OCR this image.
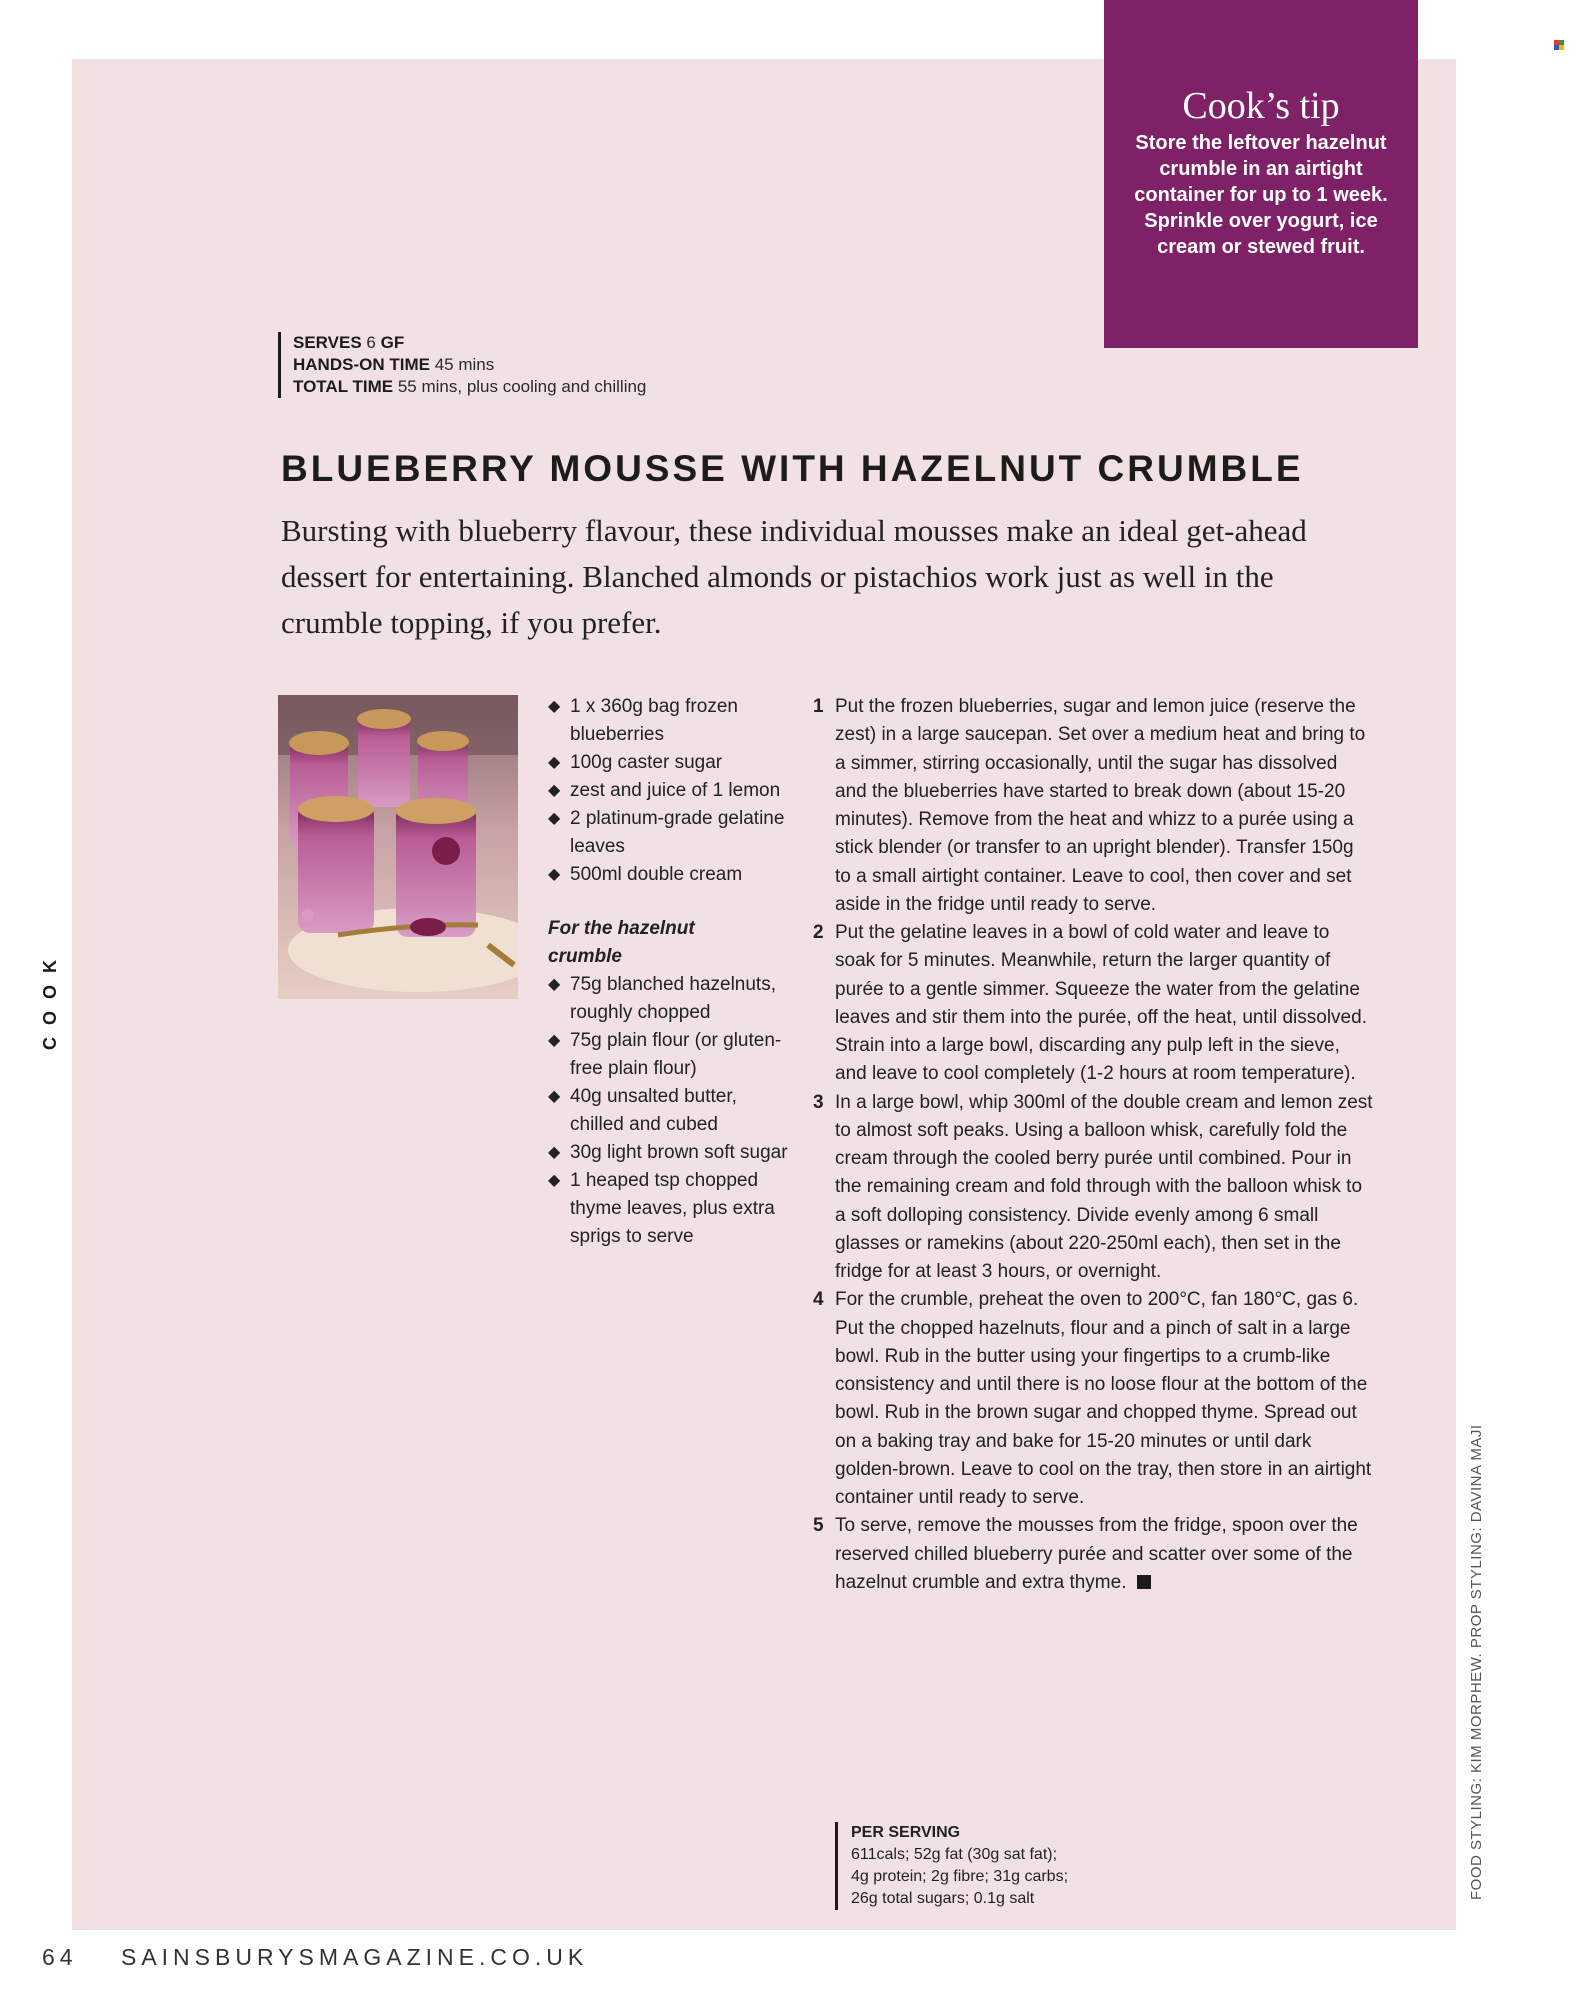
Cook’s tip
Store the leftover hazelnut crumble in an airtight container for up to 1 week. Sprinkle over yogurt, ice cream or stewed fruit.
SERVES 6 GF
HANDS-ON TIME 45 mins
TOTAL TIME 55 mins, plus cooling and chilling
BLUEBERRY MOUSSE WITH HAZELNUT CRUMBLE
Bursting with blueberry flavour, these individual mousses make an ideal get-ahead dessert for entertaining. Blanched almonds or pistachios work just as well in the crumble topping, if you prefer.
◆ 1 x 360g bag frozen blueberries
◆ 100g caster sugar
◆ zest and juice of 1 lemon
◆ 2 platinum-grade gelatine leaves
◆ 500ml double cream
For the hazelnut crumble
◆ 75g blanched hazelnuts, roughly chopped
◆ 75g plain flour (or gluten-free plain flour)
◆ 40g unsalted butter, chilled and cubed
◆ 30g light brown soft sugar
◆ 1 heaped tsp chopped thyme leaves, plus extra sprigs to serve
1 Put the frozen blueberries, sugar and lemon juice (reserve the zest) in a large saucepan. Set over a medium heat and bring to a simmer, stirring occasionally, until the sugar has dissolved and the blueberries have started to break down (about 15-20 minutes). Remove from the heat and whizz to a purée using a stick blender (or transfer to an upright blender). Transfer 150g to a small airtight container. Leave to cool, then cover and set aside in the fridge until ready to serve.
2 Put the gelatine leaves in a bowl of cold water and leave to soak for 5 minutes. Meanwhile, return the larger quantity of purée to a gentle simmer. Squeeze the water from the gelatine leaves and stir them into the purée, off the heat, until dissolved. Strain into a large bowl, discarding any pulp left in the sieve, and leave to cool completely (1-2 hours at room temperature).
3 In a large bowl, whip 300ml of the double cream and lemon zest to almost soft peaks. Using a balloon whisk, carefully fold the cream through the cooled berry purée until combined. Pour in the remaining cream and fold through with the balloon whisk to a soft dolloping consistency. Divide evenly among 6 small glasses or ramekins (about 220-250ml each), then set in the fridge for at least 3 hours, or overnight.
4 For the crumble, preheat the oven to 200°C, fan 180°C, gas 6. Put the chopped hazelnuts, flour and a pinch of salt in a large bowl. Rub in the butter using your fingertips to a crumb-like consistency and until there is no loose flour at the bottom of the bowl. Rub in the brown sugar and chopped thyme. Spread out on a baking tray and bake for 15-20 minutes or until dark golden-brown. Leave to cool on the tray, then store in an airtight container until ready to serve.
5 To serve, remove the mousses from the fridge, spoon over the reserved chilled blueberry purée and scatter over some of the hazelnut crumble and extra thyme.
PER SERVING
611cals; 52g fat (30g sat fat);
4g protein; 2g fibre; 31g carbs;
26g total sugars; 0.1g salt
COOK
FOOD STYLING: KIM MORPHEW. PROP STYLING: DAVINA MAJI
64 SAINSBURYSMAGAZINE.CO.UK
